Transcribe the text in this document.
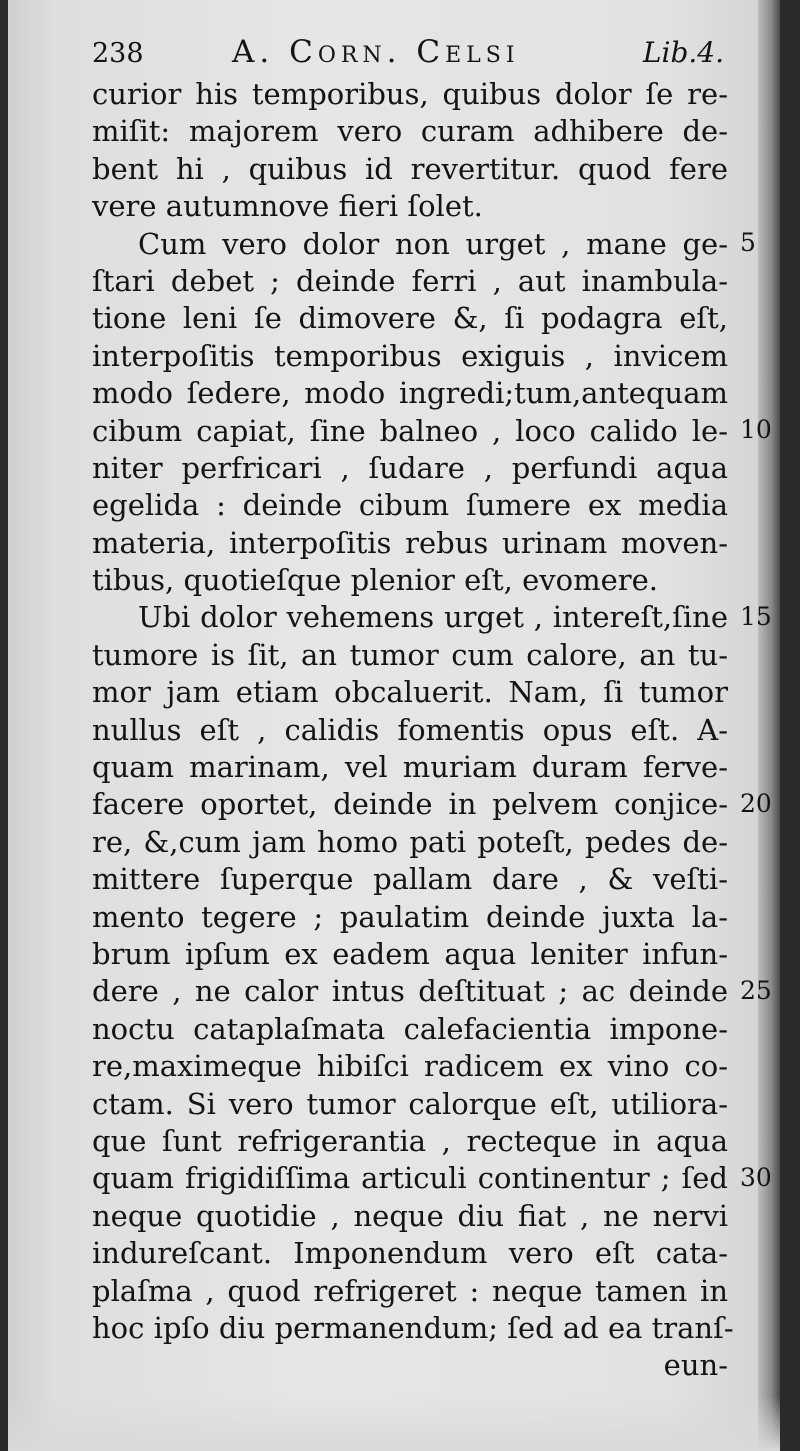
238	A. Corn. Celsi	Lib.4.
curior his temporibus, quibus dolor ſe re-
miſit: majorem vero curam adhibere de-
bent hi , quibus id revertitur. quod fere
vere autumnove fieri ſolet.
Cum vero dolor non urget , mane ge-
ſtari debet ; deinde ferri , aut inambula-
tione leni ſe dimovere &, ſi podagra eſt,
interpoſitis temporibus exiguis , invicem
modo ſedere, modo ingredi;tum,antequam
cibum capiat, ſine balneo , loco calido le-
niter perfricari , ſudare , perfundi aqua
egelida : deinde cibum ſumere ex media
materia, interpoſitis rebus urinam moven-
tibus, quotieſque plenior eſt, evomere.
Ubi dolor vehemens urget , intereſt,ſine
tumore is ſit, an tumor cum calore, an tu-
mor jam etiam obcaluerit. Nam, ſi tumor
nullus eſt , calidis fomentis opus eſt. A-
quam marinam, vel muriam duram ferve-
facere oportet, deinde in pelvem conjice-
re, &,cum jam homo pati poteſt, pedes de-
mittere ſuperque pallam dare , & veſti-
mento tegere ; paulatim deinde juxta la-
brum ipſum ex eadem aqua leniter infun-
dere , ne calor intus deſtituat ; ac deinde
noctu cataplaſmata calefacientia impone-
re,maximeque hibiſci radicem ex vino co-
ctam. Si vero tumor calorque eſt, utiliora-
que ſunt refrigerantia , recteque in aqua
quam frigidiſſima articuli continentur ; ſed
neque quotidie , neque diu fiat , ne nervi
indureſcant. Imponendum vero eſt cata-
plaſma , quod refrigeret : neque tamen in
hoc ipſo diu permanendum; ſed ad ea tranſ-
eun-
5
10
15
20
25
30
